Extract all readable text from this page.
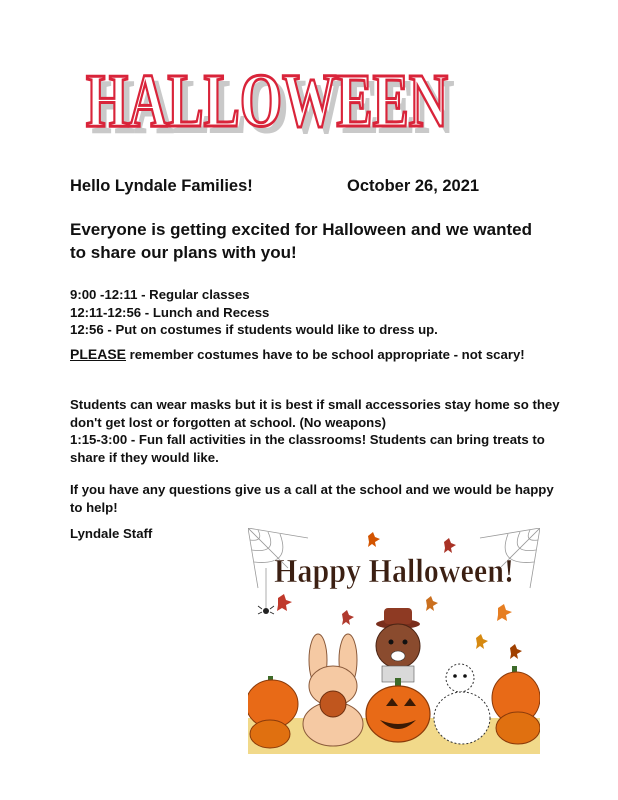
HALLOWEEN
HALLOWEEN
Hello Lyndale Families!	October 26, 2021
Everyone is getting excited for Halloween and we wanted to share our plans with you!
9:00 -12:11 - Regular classes
12:11-12:56 - Lunch and Recess
12:56 - Put on costumes if students would like to dress up.
PLEASE remember costumes have to be school appropriate - not scary!
Students can wear masks but it is best if small accessories stay home so they don't get lost or forgotten at school. (No weapons)
1:15-3:00 - Fun fall activities in the classrooms! Students can bring treats to share if they would like.
If you have any questions give us a call at the school and we would be happy to help!
Lyndale Staff
Happy Halloween!
